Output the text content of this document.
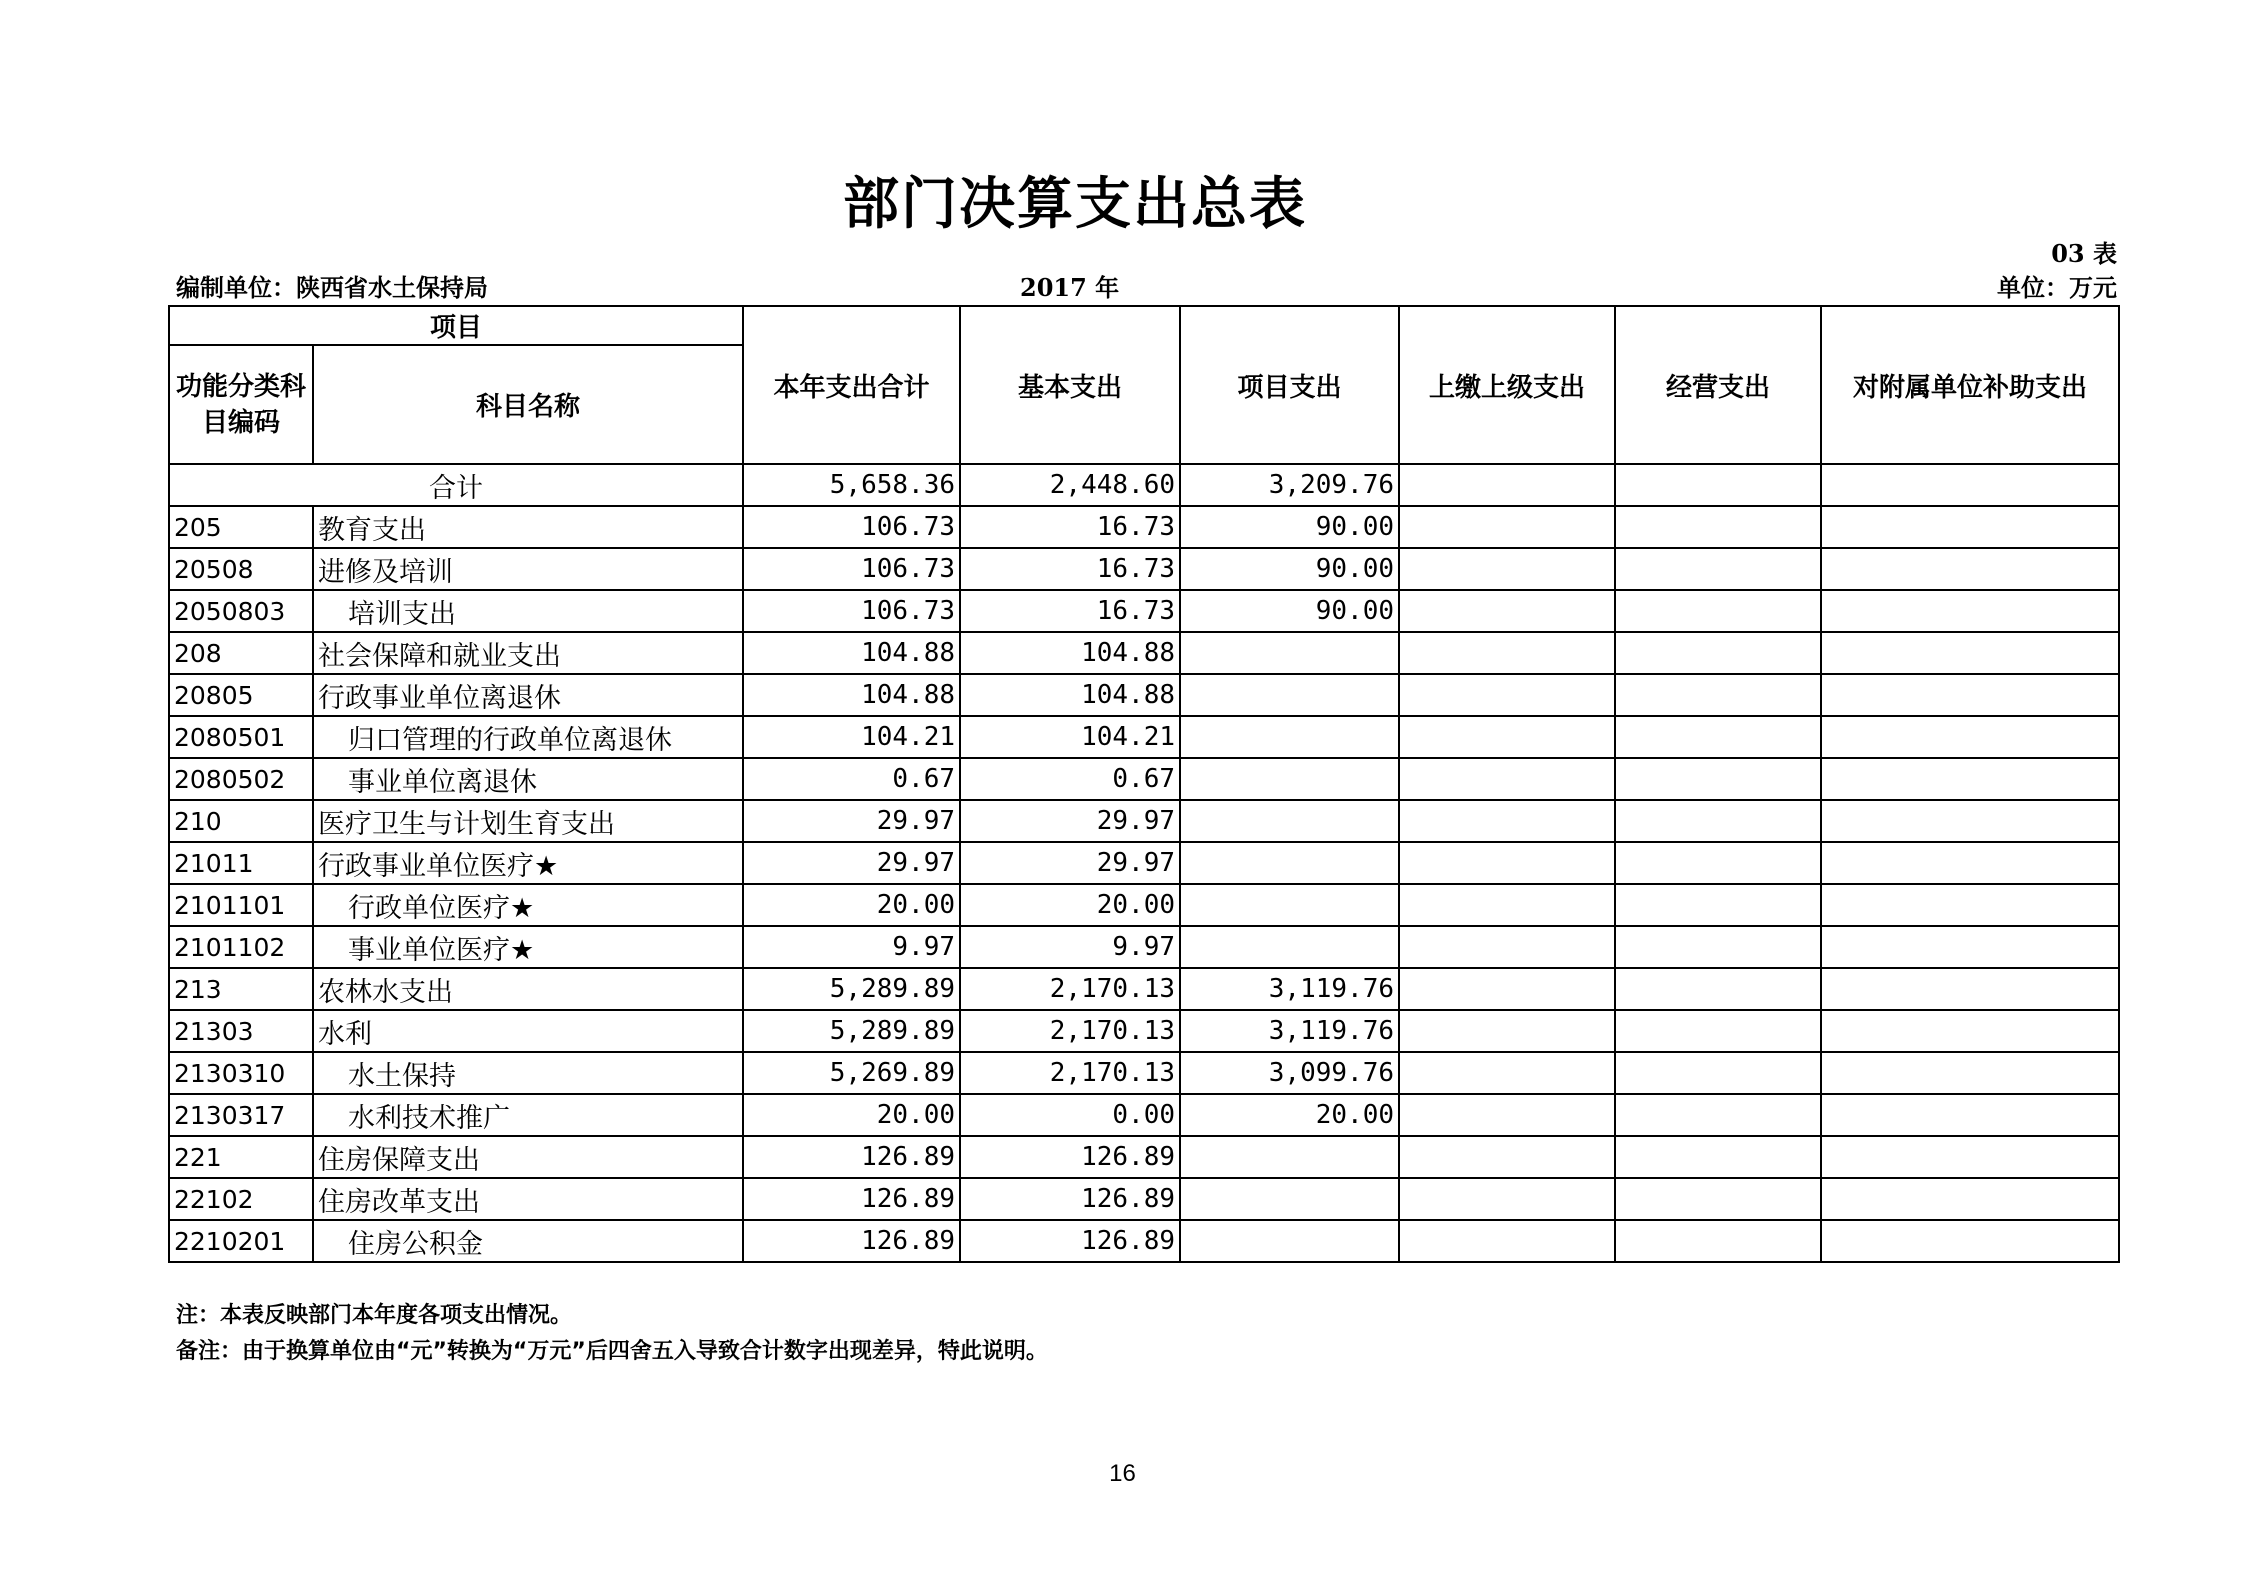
部门决算支出总表
03 表
编制单位：陕西省水土保持局	2017 年	单位：万元
项目		本年支出合计	基本支出	项目支出	上缴上级支出	经营支出	对附属单位补助支出
功能分类科目编码	科目名称						
合计		5,658.36	2,448.60	3,209.76			
205	教育支出	106.73	16.73	90.00			
20508	进修及培训	106.73	16.73	90.00			
2050803	培训支出	106.73	16.73	90.00			
208	社会保障和就业支出	104.88	104.88				
20805	行政事业单位离退休	104.88	104.88				
2080501	归口管理的行政单位离退休	104.21	104.21				
2080502	事业单位离退休	0.67	0.67				
210	医疗卫生与计划生育支出	29.97	29.97				
21011	行政事业单位医疗★	29.97	29.97				
2101101	行政单位医疗★	20.00	20.00				
2101102	事业单位医疗★	9.97	9.97				
213	农林水支出	5,289.89	2,170.13	3,119.76			
21303	水利	5,289.89	2,170.13	3,119.76			
2130310	水土保持	5,269.89	2,170.13	3,099.76			
2130317	水利技术推广	20.00	0.00	20.00			
221	住房保障支出	126.89	126.89				
22102	住房改革支出	126.89	126.89				
2210201	住房公积金	126.89	126.89				
注：本表反映部门本年度各项支出情况。
备注：由于换算单位由“元”转换为“万元”后四舍五入导致合计数字出现差异，特此说明。
16
